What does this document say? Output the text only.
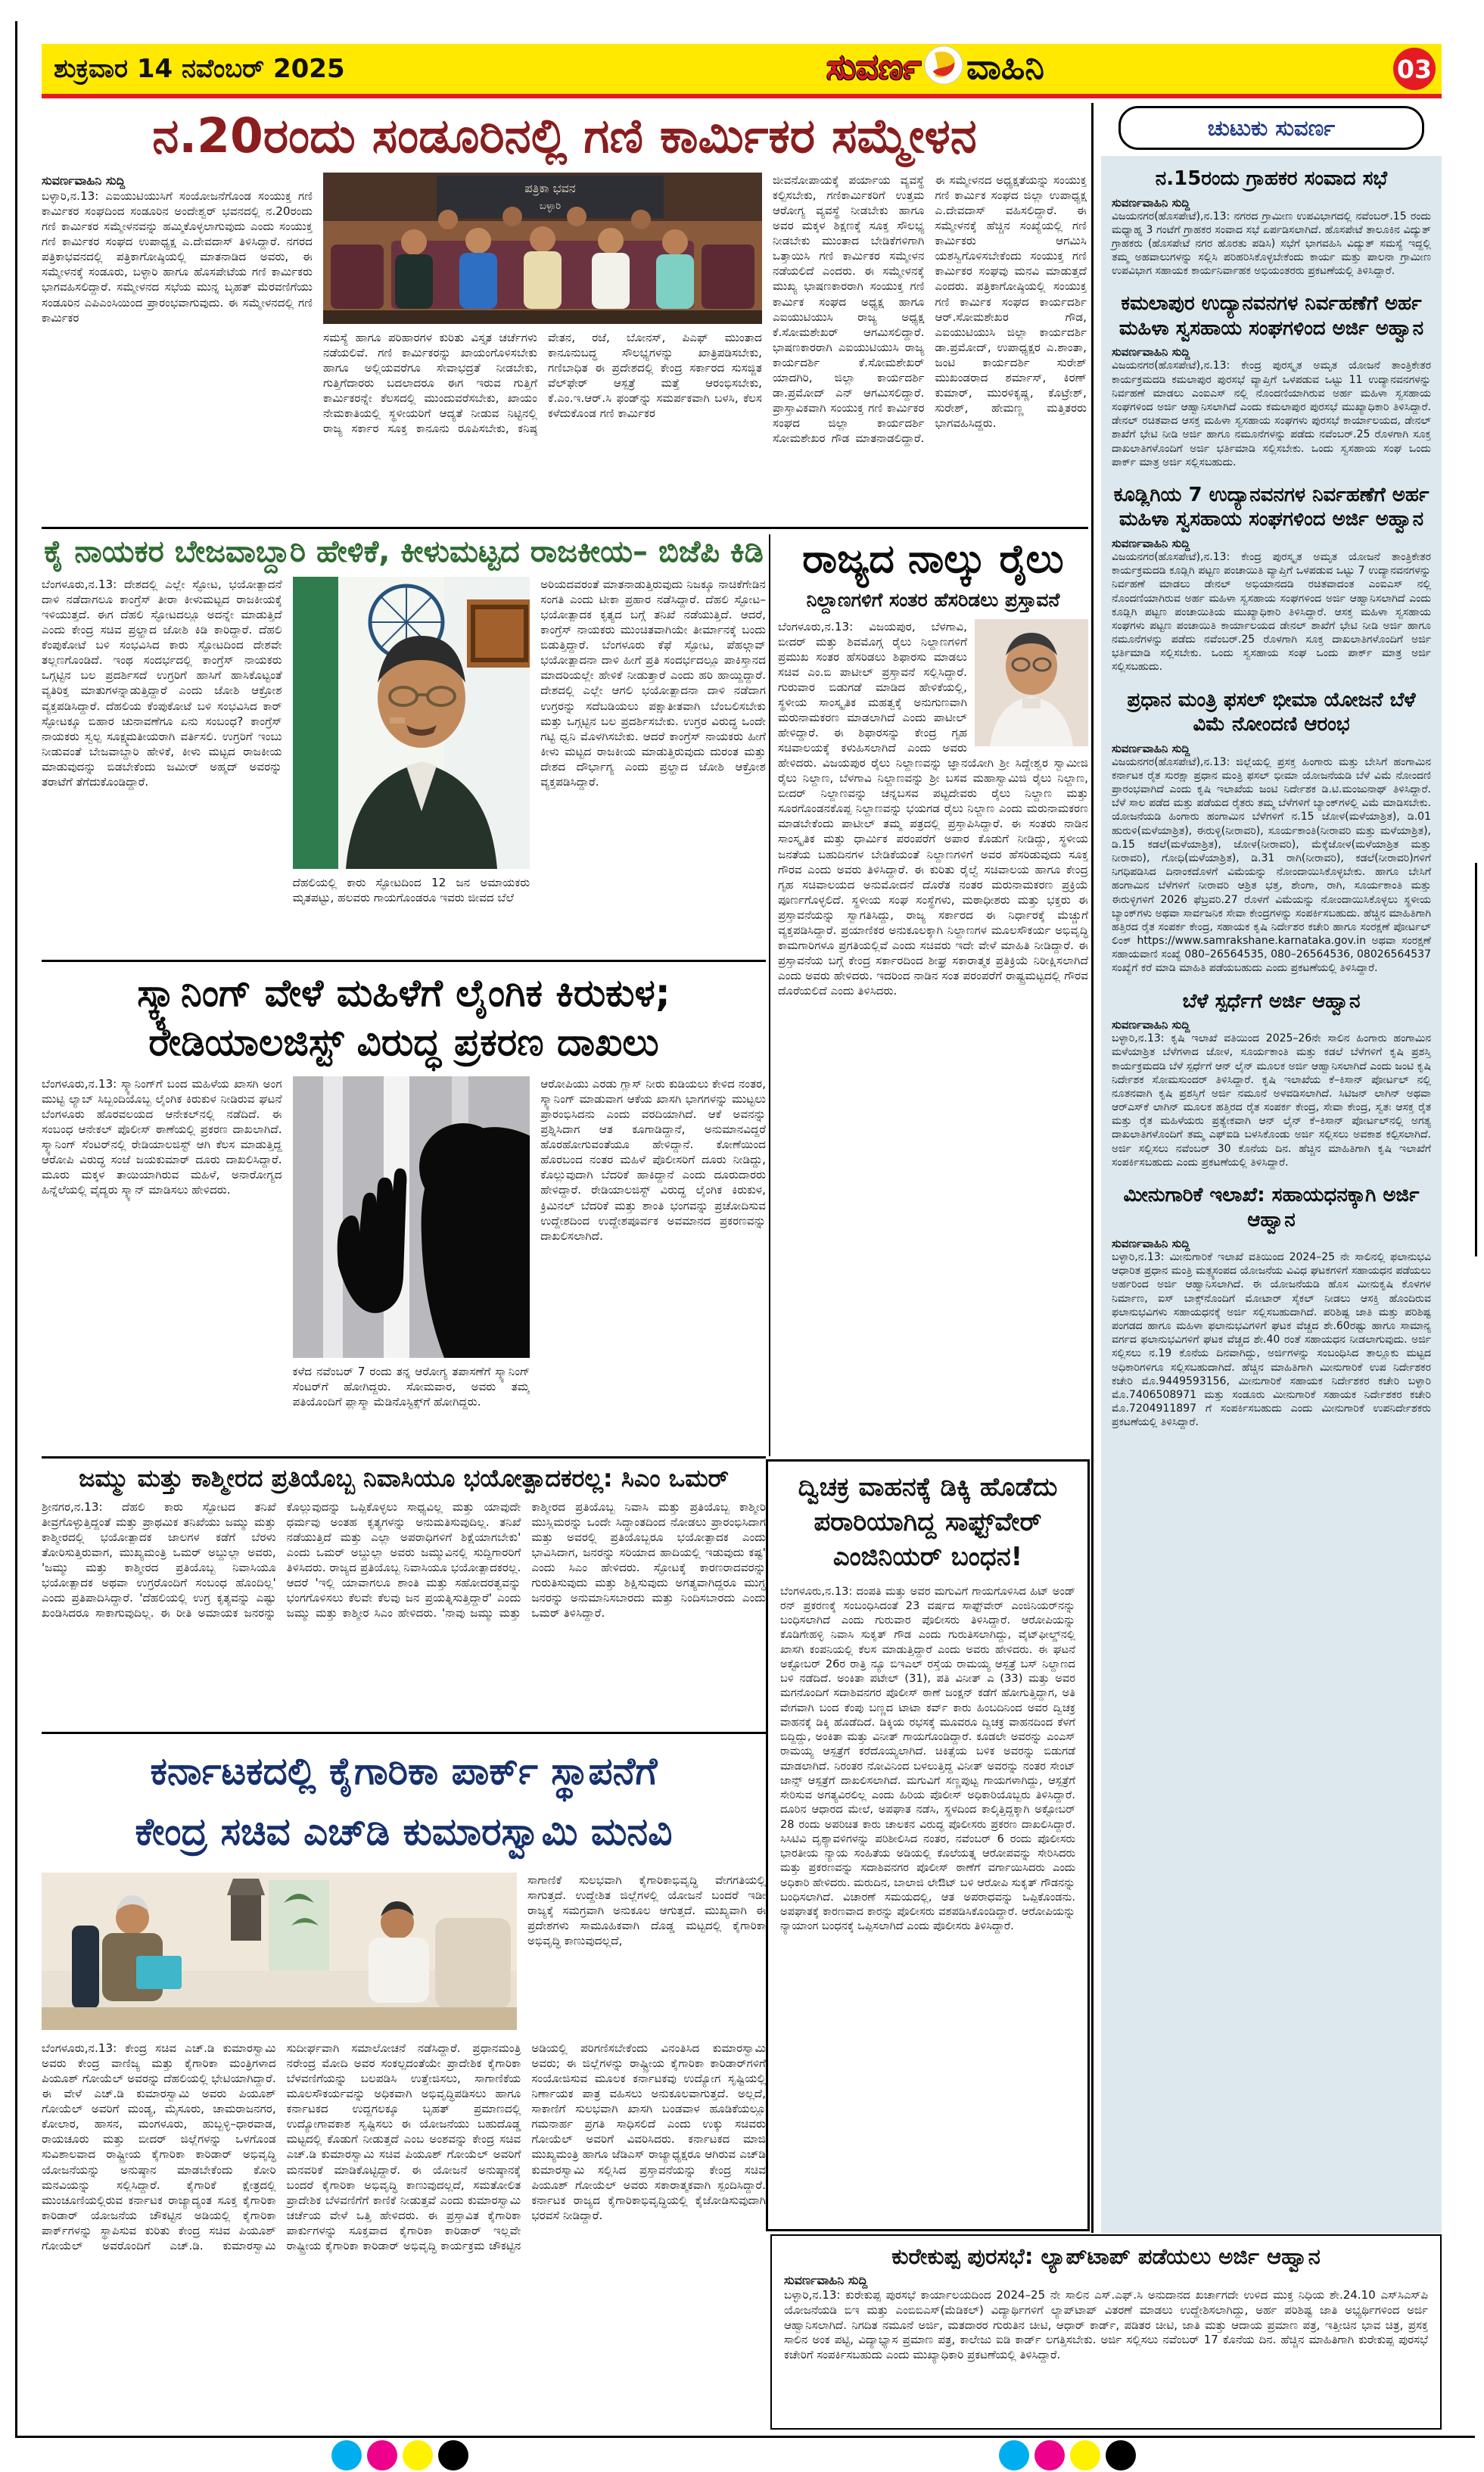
ಶುಕ್ರವಾರ 14 ನವೆಂಬರ್ 2025	ಸುವರ್ಣ ವಾಹಿನಿ	03
ನ.20ರಂದು ಸಂಡೂರಿನಲ್ಲಿ ಗಣಿ ಕಾರ್ಮಿಕರ ಸಮ್ಮೇಳನ	ಚುಟುಕು ಸುವರ್ಣ
ನ.15ರಂದು ಗ್ರಾಹಕರ ಸಂವಾದ ಸಭೆ
ಸುವರ್ಣವಾಹಿನಿ ಸುದ್ದಿ
ವಿಜಯನಗರ(ಹೊಸಪೇಟೆ),ನ.13: ನಗರದ ಗ್ರಾಮೀಣ ಉಪವಿಭಾಗದಲ್ಲಿ ನವೆಂಬರ್.15 ರಂದು ಮಧ್ಯಾಹ್ನ 3 ಗಂಟೆಗೆ ಗ್ರಾಹಕರ ಸಂವಾದ ಸಭೆ ಏರ್ಪಡಿಸಲಾಗಿದೆ. ಹೊಸಪೇಟೆ ತಾಲೂಕಿನ ವಿದ್ಯುತ್ ಗ್ರಾಹಕರು (ಹೊಸಪೇಟೆ ನಗರ ಹೊರತು ಪಡಿಸಿ) ಸಭೆಗೆ ಭಾಗವಹಿಸಿ ವಿದ್ಯುತ್ ಸಮಸ್ಯೆ ಇದ್ದಲ್ಲಿ ತಮ್ಮ ಅಹವಾಲುಗಳನ್ನು ಸಲ್ಲಿಸಿ ಪರಿಹರಿಸಿಕೊಳ್ಳಬೇಕೆಂದು ಕಾರ್ಯ ಮತ್ತು ಪಾಲನಾ ಗ್ರಾಮೀಣ ಉಪವಿಭಾಗ ಸಹಾಯಕ ಕಾರ್ಯನಿರ್ವಾಹಕ ಅಭಿಯಂತರರು ಪ್ರಕಟಣೆಯಲ್ಲಿ ತಿಳಿಸಿದ್ದಾರೆ.
ಕಮಲಾಪುರ ಉದ್ಯಾನವನಗಳ ನಿರ್ವಹಣೆಗೆ ಅರ್ಹ ಮಹಿಳಾ ಸ್ವಸಹಾಯ ಸಂಘಗಳಿಂದ ಅರ್ಜಿ ಅಹ್ವಾನ
ಸುವರ್ಣವಾಹಿನಿ ಸುದ್ದಿ
ವಿಜಯನಗರ(ಹೊಸಪೇಟೆ),ನ.13: ಕೇಂದ್ರ ಪುರಸ್ಕೃತ ಅಮೃತ ಯೋಜನೆ ತಾಂತ್ರಿಕೇತರ ಕಾರ್ಯಕ್ರಮದಡಿ ಕಮಲಾಪುರ ಪುರಸಭೆ ವ್ಯಾಪ್ತಿಗೆ ಒಳಪಡುವ ಒಟ್ಟು 11 ಉದ್ಯಾನವನಗಳನ್ನು ನಿರ್ವಹಣೆ ಮಾಡಲು ಎಂಐಎಸ್ ನಲ್ಲಿ ನೊಂದಣಿಯಾಗಿರುವ ಅರ್ಹ ಮಹಿಳಾ ಸ್ವಸಹಾಯ ಸಂಘಗಳಿಂದ ಅರ್ಜಿ ಆಹ್ವಾನಿಸಲಾಗಿದೆ ಎಂದು ಕಮಲಾಪುರ ಪುರಸಭೆ ಮುಖ್ಯಾಧಿಕಾರಿ ತಿಳಿಸಿದ್ದಾರೆ. ಡೇನಲ್ ರಚಿತವಾದ ಆಸಕ್ತ ಮಹಿಳಾ ಸ್ವಸಹಾಯ ಸಂಘಗಳು ಪುರಸಭೆ ಕಾರ್ಯಾಲಯದ, ಡೇನಲ್ ಶಾಖೆಗೆ ಭೇಟಿ ನೀಡಿ ಅರ್ಜಿ ಹಾಗೂ ನಮೂನೆಗಳನ್ನು ಪಡೆದು ನವೆಂಬರ್.25 ರೊಳಗಾಗಿ ಸೂಕ್ತ ದಾಖಲಾತಿಗಳೊಂದಿಗೆ ಅರ್ಜಿ ಭರ್ತಿಮಾಡಿ ಸಲ್ಲಿಸಬೇಕು. ಒಂದು ಸ್ವಸಹಾಯ ಸಂಘ ಒಂದು ಪಾರ್ಕ್ ಮಾತ್ರ ಅರ್ಜಿ ಸಲ್ಲಿಸಬಹುದು.
ಕೂಡ್ಲಿಗಿಯ 7 ಉದ್ಯಾನವನಗಳ ನಿರ್ವಹಣೆಗೆ ಅರ್ಹ ಮಹಿಳಾ ಸ್ವಸಹಾಯ ಸಂಘಗಳಿಂದ ಅರ್ಜಿ ಅಹ್ವಾನ
ಸುವರ್ಣವಾಹಿನಿ ಸುದ್ದಿ
ವಿಜಯನಗರ(ಹೊಸಪೇಟೆ),ನ.13: ಕೇಂದ್ರ ಪುರಸ್ಕೃತ ಅಮೃತ ಯೋಜನೆ ತಾಂತ್ರಿಕೇತರ ಕಾರ್ಯಕ್ರಮದಡಿ ಕೂಡ್ಲಿಗಿ ಪಟ್ಟಣ ಪಂಚಾಯಿತಿ ವ್ಯಾಪ್ತಿಗೆ ಒಳಪಡುವ ಒಟ್ಟು 7 ಉದ್ಯಾನವನಗಳನ್ನು ನಿರ್ವಹಣೆ ಮಾಡಲು ಡೇನಲ್ ಅಭಿಯಾನದಡಿ ರಚಿತವಾದಂತ ಎಂಐಎಸ್ ನಲ್ಲಿ ನೊಂದಣಿಯಾಗಿರುವ ಅರ್ಹ ಮಹಿಳಾ ಸ್ವಸಹಾಯ ಸಂಘಗಳಿಂದ ಅರ್ಜಿ ಆಹ್ವಾನಿಸಲಾಗಿದೆ ಎಂದು ಕೂಡ್ಲಿಗಿ ಪಟ್ಟಣ ಪಂಚಾಯಿತಿಯ ಮುಖ್ಯಾಧಿಕಾರಿ ತಿಳಿಸಿದ್ದಾರೆ. ಆಸಕ್ತ ಮಹಿಳಾ ಸ್ವಸಹಾಯ ಸಂಘಗಳು ಪಟ್ಟಣ ಪಂಚಾಯಿತಿ ಕಾರ್ಯಾಲಯದ ಡೇನಲ್ ಶಾಖೆಗೆ ಭೇಟಿ ನೀಡಿ ಅರ್ಜಿ ಹಾಗೂ ನಮೂನೆಗಳನ್ನು ಪಡೆದು ನವೆಂಬರ್.25 ರೊಳಗಾಗಿ ಸೂಕ್ತ ದಾಖಲಾತಿಗಳೊಂದಿಗೆ ಅರ್ಜಿ ಭರ್ತಿಮಾಡಿ ಸಲ್ಲಿಸಬೇಕು. ಒಂದು ಸ್ವಸಹಾಯ ಸಂಘ ಒಂದು ಪಾರ್ಕ್ ಮಾತ್ರ ಅರ್ಜಿ ಸಲ್ಲಿಸಬಹುದು.
ಪ್ರಧಾನ ಮಂತ್ರಿ ಫಸಲ್ ಭೀಮಾ ಯೋಜನೆ ಬೆಳೆ ವಿಮೆ ನೋಂದಣಿ ಆರಂಭ
ಸುವರ್ಣವಾಹಿನಿ ಸುದ್ದಿ
ವಿಜಯನಗರ(ಹೊಸಪೇಟೆ),ನ.13: ಜಿಲ್ಲೆಯಲ್ಲಿ ಪ್ರಸಕ್ತ ಹಿಂಗಾರು ಮತ್ತು ಬೇಸಿಗೆ ಹಂಗಾಮಿನ ಕರ್ನಾಟಕ ರೈತ ಸುರಕ್ಷಾ ಪ್ರಧಾನ ಮಂತ್ರಿ ಫಸಲ್ ಭೀಮಾ ಯೋಜನೆಯಡಿ ಬೆಳೆ ವಿಮೆ ನೋಂದಣಿ ಪ್ರಾರಂಭವಾಗಿದೆ ಎಂದು ಕೃಷಿ ಇಲಾಖೆಯ ಜಂಟಿ ನಿರ್ದೇಶಕ ಡಿ.ಟಿ.ಮಂಜುನಾಥ್ ತಿಳಿಸಿದ್ದಾರೆ. ಬೆಳೆ ಸಾಲ ಪಡೆದ ಮತ್ತು ಪಡೆಯದ ರೈತರು ತಮ್ಮ ಬೆಳೆಗಳಿಗೆ ಬ್ಯಾಂಕ್‌ಗಳಲ್ಲಿ ವಿಮೆ ಮಾಡಿಸಬೇಕು. ಯೋಜನೆಯಡಿ ಹಿಂಗಾರು ಹಂಗಾಮಿನ ಬೆಳೆಗಳಿಗೆ ನ.15 ಜೋಳ(ಮಳೆಯಾಶ್ರಿತ), ಡಿ.01 ಹುರುಳಿ(ಮಳೆಯಾಶ್ರಿತ), ಈರುಳ್ಳಿ(ನೀರಾವರಿ), ಸೂರ್ಯಕಾಂತಿ(ನೀರಾವರಿ ಮತ್ತು ಮಳೆಯಾಶ್ರಿತ), ಡಿ.15 ಕಡಲೆ(ಮಳೆಯಾಶ್ರಿತ), ಜೋಳ(ನೀರಾವರಿ), ಮೆಕ್ಕೆಜೋಳ(ಮಳೆಯಾಶ್ರಿತ ಮತ್ತು ನೀರಾವರಿ), ಗೋಧಿ(ಮಳೆಯಾಶ್ರಿತ), ಡಿ.31 ರಾಗಿ(ನೀರಾವರಿ), ಕಡಲೆ(ನೀರಾವರಿ)ಗಳಿಗೆ ನಿಗಧಿಪಡಿಸಿದ ದಿನಾಂಕದೊಳಗೆ ವಿಮೆಯನ್ನು ನೋಂದಾಯಿಸಿಕೊಳ್ಳಬೇಕು. ಹಾಗೂ ಬೇಸಿಗೆ ಹಂಗಾಮಿನ ಬೆಳೆಗಳಿಗೆ ನೀರಾವರಿ ಆಶ್ರಿತ ಭತ್ತ, ಶೇಂಗಾ, ರಾಗಿ, ಸೂರ್ಯಕಾಂತಿ ಮತ್ತು ಈರುಳ್ಳಿಗಳಿಗೆ 2026 ಫೆಬ್ರವರಿ.27 ರೊಳಗೆ ವಿಮೆಯನ್ನು ನೋಂದಾಯಿಸಿಕೊಳ್ಳಲು ಸ್ಥಳೀಯ ಬ್ಯಾಂಕ್‌ಗಳು ಅಥವಾ ಸಾರ್ವಜನಿಕ ಸೇವಾ ಕೇಂದ್ರಗಳನ್ನು ಸಂಪರ್ಕಿಸಬಹುದು. ಹೆಚ್ಚಿನ ಮಾಹಿತಿಗಾಗಿ ಹತ್ತಿರದ ರೈತ ಸಂಪರ್ಕ ಕೇಂದ್ರ, ಸಹಾಯಕ ಕೃಷಿ ನಿರ್ದೇಶರ ಕಚೇರಿ ಹಾಗೂ ಸಂರಕ್ಷಣೆ ಪೋರ್ಟಲ್ ಲಿಂಕ್ https://www.samrakshane.karnataka.gov.in ಅಥವಾ ಸಂರಕ್ಷಣೆ ಸಹಾಯವಾಣಿ ಸಂಖ್ಯೆ 080–26564535, 080–26564536, 08026564537 ಸಂಖ್ಯೆಗೆ ಕರೆ ಮಾಡಿ ಮಾಹಿತಿ ಪಡೆಯಬಹುದು ಎಂದು ಪ್ರಕಟಣೆಯಲ್ಲಿ ತಿಳಿಸಿದ್ದಾರೆ.
ಬೆಳೆ ಸ್ಪರ್ಧೆಗೆ ಅರ್ಜಿ ಆಹ್ವಾನ
ಸುವರ್ಣವಾಹಿನಿ ಸುದ್ದಿ
ಬಳ್ಳಾರಿ,ನ.13: ಕೃಷಿ ಇಲಾಖೆ ವತಿಯಿಂದ 2025–26ನೇ ಸಾಲಿನ ಹಿಂಗಾರು ಹಂಗಾಮಿನ ಮಳೆಯಾಶ್ರಿತ ಬೆಳೆಗಳಾದ ಜೋಳ, ಸೂರ್ಯಕಾಂತಿ ಮತ್ತು ಕಡಲೆ ಬೆಳೆಗಳಿಗೆ ಕೃಷಿ ಪ್ರಶಸ್ತಿ ಕಾರ್ಯಕ್ರಮದಡಿ ಬೆಳೆ ಸ್ಪರ್ಧೆಗೆ ಆನ್ ಲೈನ್ ಮೂಲಕ ಅರ್ಜಿ ಆಹ್ವಾನಿಸಲಾಗಿದೆ ಎಂದು ಜಂಟಿ ಕೃಷಿ ನಿರ್ದೇಶಕ ಸೋಮಸುಂದರ್ ತಿಳಿಸಿದ್ದಾರೆ. ಕೃಷಿ ಇಲಾಖೆಯ ಕೆ–ಕಿಸಾನ್ ಪೋರ್ಟಲ್ ನಲ್ಲಿ ನೂತನವಾಗಿ ಕೃಷಿ ಪ್ರಶಸ್ತಿಗೆ ಅರ್ಜಿ ನಮೂನೆ ಅಳವಡಿಸಲಾಗಿದೆ. ಸಿಟಿಜನ್ ಲಾಗಿನ್ ಅಥವಾ ಆರ್‌ಎಸ್‌ಕೆ ಲಾಗಿನ್ ಮೂಲಕ ಹತ್ತಿರದ ರೈತ ಸಂಪರ್ಕ ಕೇಂದ್ರ, ಸೇವಾ ಕೇಂದ್ರ, ಸ್ವತಃ ಆಸಕ್ತ ರೈತ ಮತ್ತು ರೈತ ಮಹಿಳೆಯರು ಪ್ರತ್ಯೇಕವಾಗಿ ಆನ್ ಲೈನ್ ಕೆ–ಕಿಸಾನ್ ಪೋರ್ಟಲ್‌ನಲ್ಲಿ ಅಗತ್ಯ ದಾಖಲಾತಿಗಳೊಂದಿಗೆ ತಮ್ಮ ಎಫ್‌ಐಡಿ ಬಳಸಿಕೊಂಡು ಅರ್ಜಿ ಸಲ್ಲಿಸಲು ಅವಕಾಶ ಕಲ್ಪಿಸಲಾಗಿದೆ. ಅರ್ಜಿ ಸಲ್ಲಿಸಲು ನವೆಂಬರ್ 30 ಕೊನೆಯ ದಿನ. ಹೆಚ್ಚಿನ ಮಾಹಿತಿಗಾಗಿ ಕೃಷಿ ಇಲಾಖೆಗೆ ಸಂಪರ್ಕಿಸಬಹುದು ಎಂದು ಪ್ರಕಟಣೆಯಲ್ಲಿ ತಿಳಿಸಿದ್ದಾರೆ.
ಮೀನುಗಾರಿಕೆ ಇಲಾಖೆ: ಸಹಾಯಧನಕ್ಕಾಗಿ ಅರ್ಜಿ ಆಹ್ವಾನ
ಸುವರ್ಣವಾಹಿನಿ ಸುದ್ದಿ
ಬಳ್ಳಾರಿ,ನ.13: ಮೀನುಗಾರಿಕೆ ಇಲಾಖೆ ವತಿಯಿಂದ 2024–25 ನೇ ಸಾಲಿನಲ್ಲಿ ಫಲಾನುಭವಿ ಆಧಾರಿತ ಪ್ರಧಾನ ಮಂತ್ರಿ ಮತ್ಸ್ಯಸಂಪದ ಯೋಜನೆಯ ವಿವಿಧ ಘಟಕಗಳಿಗೆ ಸಹಾಯಧನ ಪಡೆಯಲು ಅರ್ಹರಿಂದ ಅರ್ಜಿ ಆಹ್ವಾನಿಸಲಾಗಿದೆ. ಈ ಯೋಜನೆಯಡಿ ಹೊಸ ಮೀನುಕೃಷಿ ಕೊಳಗಳ ನಿರ್ಮಾಣ, ಐಸ್ ಬಾಕ್ಸ್‌ನೊಂದಿಗೆ ಮೋಟಾರ್ ಸೈಕಲ್ ನೀಡಲು ಆಸಕ್ತಿ ಹೊಂದಿರುವ ಫಲಾನುಭವಿಗಳು ಸಹಾಯಧನಕ್ಕೆ ಅರ್ಜಿ ಸಲ್ಲಿಸಬಹುದಾಗಿದೆ. ಪರಿಶಿಷ್ಟ ಜಾತಿ ಮತ್ತು ಪರಿಶಿಷ್ಟ ಪಂಗಡದ ಹಾಗೂ ಮಹಿಳಾ ಫಲಾನುಭವಿಗಳಿಗೆ ಘಟಕ ವೆಚ್ಚದ ಶೇ.60ರಷ್ಟು ಹಾಗೂ ಸಾಮಾನ್ಯ ವರ್ಗದ ಫಲಾನುಭವಿಗಳಿಗೆ ಘಟಕ ವೆಚ್ಚದ ಶೇ.40 ರಂತೆ ಸಹಾಯಧನ ನೀಡಲಾಗುವುದು. ಅರ್ಜಿ ಸಲ್ಲಿಸಲು ನ.19 ಕೊನೆಯ ದಿನವಾಗಿದ್ದು, ಅರ್ಜಿಗಳನ್ನು ಸಂಬಂಧಿಸಿದ ತಾಲ್ಲೂಕು ಮಟ್ಟದ ಅಧಿಕಾರಿಗಳಿಗೂ ಸಲ್ಲಿಸಬಹುದಾಗಿದೆ. ಹೆಚ್ಚಿನ ಮಾಹಿತಿಗಾಗಿ ಮೀನುಗಾರಿಕೆ ಉಪ ನಿರ್ದೇಶಕರ ಕಚೇರಿ ಮೊ.9449593156, ಮೀನುಗಾರಿಕೆ ಸಹಾಯಕ ನಿರ್ದೇಶಕರ ಕಚೇರಿ ಬಳ್ಳಾರಿ ಮೊ.7406508971 ಮತ್ತು ಸಂಡೂರು ಮೀನುಗಾರಿಕೆ ಸಹಾಯಕ ನಿರ್ದೇಶಕರ ಕಚೇರಿ ಮೊ.7204911897 ಗೆ ಸಂಪರ್ಕಿಸಬಹುದು ಎಂದು ಮೀನುಗಾರಿಕೆ ಉಪನಿರ್ದೇಶಕರು ಪ್ರಕಟಣೆಯಲ್ಲಿ ತಿಳಿಸಿದ್ದಾರೆ.
ಸುವರ್ಣವಾಹಿನಿ ಸುದ್ದಿ
ಬಳ್ಳಾರಿ,ನ.13: ಎಐಯುಟಿಯುಸಿಗೆ ಸಂಯೋಜನೆಗೊಂಡ ಸಂಯುಕ್ತ ಗಣಿ ಕಾರ್ಮಿಕರ ಸಂಘದಿಂದ ಸಂಡೂರಿನ ಅಂದೇಶ್ವರ್ ಭವನದಲ್ಲಿ ನ.20ರಂದು ಗಣಿ ಕಾರ್ಮಿಕರ ಸಮ್ಮೇಳನವನ್ನು ಹಮ್ಮಿಕೊಳ್ಳಲಾಗುವುದು ಎಂದು ಸಂಯುಕ್ತ ಗಣಿ ಕಾರ್ಮಿಕರ ಸಂಘದ ಉಪಾಧ್ಯಕ್ಷ ಎ.ದೇವದಾಸ್ ತಿಳಿಸಿದ್ದಾರೆ. ನಗರದ ಪತ್ರಿಕಾಭವನದಲ್ಲಿ ಪತ್ರಿಕಾಗೋಷ್ಠಿಯಲ್ಲಿ ಮಾತನಾಡಿದ ಅವರು, ಈ ಸಮ್ಮೇಳನಕ್ಕೆ ಸಂಡೂರು, ಬಳ್ಳಾರಿ ಹಾಗೂ ಹೊಸಪೇಟೆಯ ಗಣಿ ಕಾರ್ಮಿಕರು ಭಾಗವಹಿಸಲಿದ್ದಾರೆ. ಸಮ್ಮೇಳನದ ಸಭೆಯ ಮುನ್ನ ಬೃಹತ್ ಮೆರವಣಿಗೆಯು ಸಂಡೂರಿನ ಎಪಿಎಂಸಿಯಿಂದ ಪ್ರಾರಂಭವಾಗುವುದು. ಈ ಸಮ್ಮೇಳನದಲ್ಲಿ ಗಣಿ ಕಾರ್ಮಿಕರ
ಪತ್ರಿಕಾ ಭವನ
ಬಳ್ಳಾರಿ
ಸಮಸ್ಯೆ ಹಾಗೂ ಪರಿಹಾರಗಳ ಕುರಿತು ವಿಸ್ತೃತ ಚರ್ಚೆಗಳು ನಡೆಯಲಿವೆ. ಗಣಿ ಕಾರ್ಮಿಕರನ್ನು ಖಾಯಂಗೊಳಿಸಬೇಕು ಹಾಗೂ ಅಲ್ಲಿಯವರೆಗೂ ಸೇವಾಭದ್ರತೆ ನೀಡಬೇಕು, ಗುತ್ತಿಗೆದಾರರು ಬದಲಾದರೂ ಈಗ ಇರುವ ಗುತ್ತಿಗೆ ಕಾರ್ಮಿಕರನ್ನೇ ಕೆಲಸದಲ್ಲಿ ಮುಂದುವರೆಸಬೇಕು, ಖಾಯಂ ನೇಮಕಾತಿಯಲ್ಲಿ ಸ್ಥಳೀಯರಿಗೆ ಆದ್ಯತೆ ನೀಡುವ ನಿಟ್ಟಿನಲ್ಲಿ ರಾಜ್ಯ ಸರ್ಕಾರ ಸೂಕ್ತ ಕಾನೂನು ರೂಪಿಸಬೇಕು, ಕನಿಷ್ಠ ವೇತನ, ರಜೆ, ಬೋನಸ್, ಪಿಎಫ್ ಮುಂತಾದ ಕಾನೂನುಬದ್ಧ ಸೌಲಭ್ಯಗಳನ್ನು ಖಾತ್ರಿಪಡಿಸಬೇಕು, ಗಣಿಬಾಧಿತ ಈ ಪ್ರದೇಶದಲ್ಲಿ ಕೇಂದ್ರ ಸರ್ಕಾರದ ಸುಸಜ್ಜಿತ ವೆಲ್‌ಫೇರ್ ಆಸ್ಪತ್ರೆ ಮತ್ತೆ ಆರಂಭಿಸಬೇಕು, ಕೆ.ಎಂ.ಇ.ಆರ್.ಸಿ ಫಂಡ್‌ನ್ನು ಸಮರ್ಪಕವಾಗಿ ಬಳಸಿ, ಕೆಲಸ ಕಳೆದುಕೊಂಡ ಗಣಿ ಕಾರ್ಮಿಕರ
ಜೀವನೋಪಾಯಕ್ಕೆ ಪರ್ಯಾಯ ವ್ಯವಸ್ಥೆ ಕಲ್ಪಿಸಬೇಕು, ಗಣಿಕಾರ್ಮಿಕರಿಗೆ ಉತ್ತಮ ಆರೋಗ್ಯ ವ್ಯವಸ್ಥೆ ನೀಡಬೇಕು ಹಾಗೂ ಅವರ ಮಕ್ಕಳ ಶಿಕ್ಷಣಕ್ಕೆ ಸೂಕ್ತ ಸೌಲಭ್ಯ ನೀಡಬೇಕು ಮುಂತಾದ ಬೇಡಿಕೆಗಳಿಗಾಗಿ ಒತ್ತಾಯಿಸಿ ಗಣಿ ಕಾರ್ಮಿಕರ ಸಮ್ಮೇಳನ ನಡೆಯಲಿದೆ ಎಂದರು. ಈ ಸಮ್ಮೇಳನಕ್ಕೆ ಮುಖ್ಯ ಭಾಷಣಕಾರರಾಗಿ ಸಂಯುಕ್ತ ಗಣಿ ಕಾರ್ಮಿಕ ಸಂಘದ ಅಧ್ಯಕ್ಷ ಹಾಗೂ ಎಐಯುಟಿಯುಸಿ ರಾಜ್ಯ ಅಧ್ಯಕ್ಷ ಕೆ.ಸೋಮಶೇಖರ್ ಆಗಮಿಸಲಿದ್ದಾರೆ. ಭಾಷಣಕಾರರಾಗಿ ಎಐಯುಟಿಯುಸಿ ರಾಜ್ಯ ಕಾರ್ಯದರ್ಶಿ ಕೆ.ಸೋಮಶೇಖರ್ ಯಾದಗಿರಿ, ಜಿಲ್ಲಾ ಕಾರ್ಯದರ್ಶಿ ಡಾ.ಪ್ರಮೋದ್ ಎನ್ ಆಗಮಿಸಲಿದ್ದಾರೆ. ಪ್ರಾಸ್ತಾವಿಕವಾಗಿ ಸಂಯುಕ್ತ ಗಣಿ ಕಾರ್ಮಿಕರ ಸಂಘದ ಜಿಲ್ಲಾ ಕಾರ್ಯದರ್ಶಿ ಸೋಮಶೇಖರ ಗೌಡ ಮಾತನಾಡಲಿದ್ದಾರೆ. ಈ ಸಮ್ಮೇಳನದ ಅಧ್ಯಕ್ಷತೆಯನ್ನು ಸಂಯುಕ್ತ ಗಣಿ ಕಾರ್ಮಿಕ ಸಂಘದ ಜಿಲ್ಲಾ ಉಪಾಧ್ಯಕ್ಷ ಎ.ದೇವದಾಸ್ ವಹಿಸಲಿದ್ದಾರೆ. ಈ ಸಮ್ಮೇಳನಕ್ಕೆ ಹೆಚ್ಚಿನ ಸಂಖ್ಯೆಯಲ್ಲಿ ಗಣಿ ಕಾರ್ಮಿಕರು ಆಗಮಿಸಿ ಯಶಸ್ವಿಗೊಳಿಸಬೇಕೆಂದು ಸಂಯುಕ್ತ ಗಣಿ ಕಾರ್ಮಿಕರ ಸಂಘವು ಮನವಿ ಮಾಡುತ್ತದೆ ಎಂದರು. ಪತ್ರಿಕಾಗೋಷ್ಠಿಯಲ್ಲಿ ಸಂಯುಕ್ತ ಗಣಿ ಕಾರ್ಮಿಕ ಸಂಘದ ಕಾರ್ಯದರ್ಶಿ ಆರ್.ಸೋಮಶೇಖರ ಗೌಡ, ಎಐಯುಟಿಯುಸಿ ಜಿಲ್ಲಾ ಕಾರ್ಯದರ್ಶಿ ಡಾ.ಪ್ರಮೋದ್, ಉಪಾಧ್ಯಕ್ಷರ ಎ.ಶಾಂತಾ, ಜಂಟಿ ಕಾರ್ಯದರ್ಶಿ ಸುರೇಶ್ ಮುಖಂಡರಾದ ಶರ್ಮಾಸ್, ಕಿರಣ್ ಕುಮಾರ್, ಮುರಳಿಕೃಷ್ಣ, ಕೊಟ್ರೇಶ್, ಸುರೇಶ್, ಹೇಮಣ್ಣ ಮತ್ತಿತರರು ಭಾಗವಹಿಸಿದ್ದರು.
ಕೈ ನಾಯಕರ ಬೇಜವಾಬ್ದಾರಿ ಹೇಳಿಕೆ, ಕೀಳುಮಟ್ಟದ ರಾಜಕೀಯ– ಬಿಜೆಪಿ ಕಿಡಿ
ಬೆಂಗಳೂರು,ನ.13: ದೇಶದಲ್ಲಿ ಎಲ್ಲೇ ಸ್ಫೋಟ, ಭಯೋತ್ಪಾದನೆ ದಾಳಿ ನಡೆದಾಗಲೂ ಕಾಂಗ್ರೆಸ್ ತೀರಾ ಕೀಳುಮಟ್ಟದ ರಾಜಕೀಯಕ್ಕೆ ಇಳಿಯುತ್ತದೆ. ಈಗ ದೆಹಲಿ ಸ್ಫೋಟದಲ್ಲೂ ಅದನ್ನೇ ಮಾಡುತ್ತಿದೆ ಎಂದು ಕೇಂದ್ರ ಸಚಿವ ಪ್ರಲ್ಹಾದ ಜೋಶಿ ಕಿಡಿ ಕಾರಿದ್ದಾರೆ. ದೆಹಲಿ ಕೆಂಪುಕೋಟೆ ಬಳಿ ಸಂಭವಿಸಿದ ಕಾರು ಸ್ಫೋಟದಿಂದ ದೇಶವೇ ತಲ್ಲಣಗೊಂಡಿದೆ. ಇಂಥ ಸಂದರ್ಭದಲ್ಲಿ ಕಾಂಗ್ರೆಸ್ ನಾಯಕರು ಒಗ್ಗಟ್ಟಿನ ಬಲ ಪ್ರದರ್ಶಿಸದೆ ಉಗ್ರರಿಗೆ ಹಾಸಿಗೆ ಹಾಸಿಕೊಟ್ಟಂತೆ ವ್ಯತಿರಿಕ್ತ ಮಾತುಗಳನ್ನಾಡುತ್ತಿದ್ದಾರೆ ಎಂದು ಜೋಶಿ ಆಕ್ರೋಶ ವ್ಯಕ್ತಪಡಿಸಿದ್ದಾರೆ. ದೆಹಲಿಯ ಕೆಂಪುಕೋಟೆ ಬಳಿ ಸಂಭವಿಸಿದ ಕಾರ್ ಸ್ಫೋಟಕ್ಕೂ ಬಿಹಾರ ಚುನಾವಣೆಗೂ ಏನು ಸಂಬಂಧ? ಕಾಂಗ್ರೆಸ್ ನಾಯಕರು ಸ್ವಲ್ಪ ಸೂಕ್ಷ್ಮಮತೀಯರಾಗಿ ವರ್ತಿಸಲಿ. ಉಗ್ರರಿಗೆ ಇಂಬು ನೀಡುವಂತೆ ಬೇಜವಾಬ್ದಾರಿ ಹೇಳಿಕೆ, ಕೀಳು ಮಟ್ಟದ ರಾಜಕೀಯ ಮಾಡುವುದನ್ನು ಬಿಡಬೇಕೆಂದು ಜಮೀರ್ ಅಹ್ಮದ್ ಅವರನ್ನು ತರಾಟೆಗೆ ತೆಗೆದುಕೊಂಡಿದ್ದಾರೆ.
ದೆಹಲಿಯಲ್ಲಿ ಕಾರು ಸ್ಫೋಟದಿಂದ 12 ಜನ ಅಮಾಯಕರು ಮೃತಪಟ್ಟು, ಹಲವರು ಗಾಯಗೊಂಡರೂ ಇವರು ಜೀವದ ಬೆಲೆ
ಅರಿಯದವರಂತೆ ಮಾತನಾಡುತ್ತಿರುವುದು ನಿಜಕ್ಕೂ ನಾಚಿಕೆಗೇಡಿನ ಸಂಗತಿ ಎಂದು ಟೀಕಾ ಪ್ರಹಾರ ನಡೆಸಿದ್ದಾರೆ. ದೆಹಲಿ ಸ್ಫೋಟ–ಭಯೋತ್ಪಾದಕ ಕೃತ್ಯದ ಬಗ್ಗೆ ತನಿಖೆ ನಡೆಯುತ್ತಿದೆ. ಆದರೆ, ಕಾಂಗ್ರೆಸ್ ನಾಯಕರು ಮುಂಚಿತವಾಗಿಯೇ ತೀರ್ಮಾನಕ್ಕೆ ಬಂದು ಬಿಡುತ್ತಿದ್ದಾರೆ. ಬೆಂಗಳೂರು ಕೆಫೆ ಸ್ಫೋಟ, ಪೆಹಲ್ಗಾವ್ ಭಯೋತ್ಪಾದನಾ ದಾಳಿ ಹೀಗೆ ಪ್ರತಿ ಸಂದರ್ಭದಲ್ಲೂ ಪಾಕಿಸ್ತಾನದ ಮಾದರಿಯಲ್ಲೇ ಹೇಳಿಕೆ ನೀಡುತ್ತಾರೆ ಎಂದು ಹರಿ ಹಾಯ್ದಿದ್ದಾರೆ. ದೇಶದಲ್ಲಿ ಎಲ್ಲೇ ಆಗಲಿ ಭಯೋತ್ಪಾದನಾ ದಾಳಿ ನಡೆದಾಗ ಉಗ್ರರನ್ನು ಸದೆಬಡಿಯಲು ಪಕ್ಷಾತೀತವಾಗಿ ಬೆಂಬಲಿಸಬೇಕು ಮತ್ತು ಒಗ್ಗಟ್ಟಿನ ಬಲ ಪ್ರದರ್ಶಿಸಬೇಕು. ಉಗ್ರರ ವಿರುದ್ಧ ಒಂದೇ ಗಟ್ಟಿ ಧ್ವನಿ ಮೊಳಗಿಸಬೇಕು. ಆದರೆ ಕಾಂಗ್ರೆಸ್ ನಾಯಕರು ಹೀಗೆ ಕೀಳು ಮಟ್ಟದ ರಾಜಕೀಯ ಮಾಡುತ್ತಿರುವುದು ದುರಂತ ಮತ್ತು ದೇಶದ ದೌರ್ಭಾಗ್ಯ ಎಂದು ಪ್ರಲ್ಹಾದ ಜೋಶಿ ಆಕ್ರೋಶ ವ್ಯಕ್ತಪಡಿಸಿದ್ದಾರೆ.
ರಾಜ್ಯದ ನಾಲ್ಕು ರೈಲು
ನಿಲ್ದಾಣಗಳಿಗೆ ಸಂತರ ಹೆಸರಿಡಲು ಪ್ರಸ್ತಾವನೆ
ಬೆಂಗಳೂರು,ನ.13: ವಿಜಯಪುರ, ಬೆಳಗಾವಿ, ಬೀದರ್ ಮತ್ತು ಶಿವಮೊಗ್ಗ ರೈಲು ನಿಲ್ದಾಣಗಳಿಗೆ ಪ್ರಮುಖ ಸಂತರ ಹೆಸರಿಡಲು ಶಿಫಾರಸು ಮಾಡಲು ಸಚಿವ ಎಂ.ಬಿ ಪಾಟೀಲ್ ಪ್ರಸ್ತಾವನೆ ಸಲ್ಲಿಸಿದ್ದಾರೆ. ಗುರುವಾರ ಬಿಡುಗಡೆ ಮಾಡಿದ ಹೇಳಿಕೆಯಲ್ಲಿ, ಸ್ಥಳೀಯ ಸಾಂಸ್ಕೃತಿಕ ಮಹತ್ವಕ್ಕೆ ಅನುಗುಣವಾಗಿ ಮರುನಾಮಕರಣ ಮಾಡಲಾಗಿದೆ ಎಂದು ಪಾಟೀಲ್ ಹೇಳಿದ್ದಾರೆ. ಈ ಶಿಫಾರಸನ್ನು ಕೇಂದ್ರ ಗೃಹ ಸಚಿವಾಲಯಕ್ಕೆ ಕಳುಹಿಸಲಾಗಿದೆ ಎಂದು ಅವರು ಹೇಳಿದರು. ವಿಜಯಪುರ ರೈಲು ನಿಲ್ದಾಣವನ್ನು ಜ್ಞಾನಯೋಗಿ ಶ್ರೀ ಸಿದ್ದೇಶ್ವರ ಸ್ವಾಮೀಜಿ ರೈಲು ನಿಲ್ದಾಣ, ಬೆಳಗಾವಿ ನಿಲ್ದಾಣವನ್ನು ಶ್ರೀ ಬಸವ ಮಹಾಸ್ವಾಮಿಜಿ ರೈಲು ನಿಲ್ದಾಣ, ಬೀದರ್ ನಿಲ್ದಾಣವನ್ನು ಚನ್ನಬಸವ ಪಟ್ಟದೇವರು ರೈಲು ನಿಲ್ದಾಣ ಮತ್ತು ಸೂರಗೊಂಡನಕೊಪ್ಪ ನಿಲ್ದಾಣವನ್ನು ಭಯಗಡ ರೈಲು ನಿಲ್ದಾಣ ಎಂದು ಮರುನಾಮಕರಣ ಮಾಡಬೇಕೆಂದು ಪಾಟೀಲ್ ತಮ್ಮ ಪತ್ರದಲ್ಲಿ ಪ್ರಸ್ತಾಪಿಸಿದ್ದಾರೆ. ಈ ಸಂತರು ನಾಡಿನ ಸಾಂಸ್ಕೃತಿಕ ಮತ್ತು ಧಾರ್ಮಿಕ ಪರಂಪರೆಗೆ ಅಪಾರ ಕೊಡುಗೆ ನೀಡಿದ್ದು, ಸ್ಥಳೀಯ ಜನತೆಯ ಬಹುದಿನಗಳ ಬೇಡಿಕೆಯಂತೆ ನಿಲ್ದಾಣಗಳಿಗೆ ಅವರ ಹೆಸರಿಡುವುದು ಸೂಕ್ತ ಗೌರವ ಎಂದು ಅವರು ತಿಳಿಸಿದ್ದಾರೆ. ಈ ಕುರಿತು ರೈಲ್ವೆ ಸಚಿವಾಲಯ ಹಾಗೂ ಕೇಂದ್ರ ಗೃಹ ಸಚಿವಾಲಯದ ಅನುಮೋದನೆ ದೊರೆತ ನಂತರ ಮರುನಾಮಕರಣ ಪ್ರಕ್ರಿಯೆ ಪೂರ್ಣಗೊಳ್ಳಲಿದೆ. ಸ್ಥಳೀಯ ಸಂಘ ಸಂಸ್ಥೆಗಳು, ಮಠಾಧೀಶರು ಮತ್ತು ಭಕ್ತರು ಈ ಪ್ರಸ್ತಾವನೆಯನ್ನು ಸ್ವಾಗತಿಸಿದ್ದು, ರಾಜ್ಯ ಸರ್ಕಾರದ ಈ ನಿರ್ಧಾರಕ್ಕೆ ಮೆಚ್ಚುಗೆ ವ್ಯಕ್ತಪಡಿಸಿದ್ದಾರೆ. ಪ್ರಯಾಣಿಕರ ಅನುಕೂಲಕ್ಕಾಗಿ ನಿಲ್ದಾಣಗಳ ಮೂಲಸೌಕರ್ಯ ಅಭಿವೃದ್ಧಿ ಕಾಮಗಾರಿಗಳೂ ಪ್ರಗತಿಯಲ್ಲಿವೆ ಎಂದು ಸಚಿವರು ಇದೇ ವೇಳೆ ಮಾಹಿತಿ ನೀಡಿದ್ದಾರೆ. ಈ ಪ್ರಸ್ತಾವನೆಯ ಬಗ್ಗೆ ಕೇಂದ್ರ ಸರ್ಕಾರದಿಂದ ಶೀಘ್ರ ಸಕಾರಾತ್ಮಕ ಪ್ರತಿಕ್ರಿಯೆ ನಿರೀಕ್ಷಿಸಲಾಗಿದೆ ಎಂದು ಅವರು ಹೇಳಿದರು. ಇದರಿಂದ ನಾಡಿನ ಸಂತ ಪರಂಪರೆಗೆ ರಾಷ್ಟ್ರಮಟ್ಟದಲ್ಲಿ ಗೌರವ ದೊರೆಯಲಿದೆ ಎಂದು ತಿಳಿಸಿದರು.
ಸ್ಕ್ಯಾನಿಂಗ್ ವೇಳೆ ಮಹಿಳೆಗೆ ಲೈಂಗಿಕ ಕಿರುಕುಳ;
ರೇಡಿಯಾಲಜಿಸ್ಟ್ ವಿರುದ್ಧ ಪ್ರಕರಣ ದಾಖಲು
ಬೆಂಗಳೂರು,ನ.13: ಸ್ಕ್ಯಾನಿಂಗ್‌ಗೆ ಬಂದ ಮಹಿಳೆಯ ಖಾಸಗಿ ಅಂಗ ಮುಟ್ಟಿ ಲ್ಯಾಬ್ ಸಿಬ್ಬಂದಿಯೊಬ್ಬ ಲೈಂಗಿಕ ಕಿರುಕುಳ ನೀಡಿರುವ ಘಟನೆ ಬೆಂಗಳೂರು ಹೊರವಲಯದ ಆನೇಕಲ್‌ನಲ್ಲಿ ನಡೆದಿದೆ. ಈ ಸಂಬಂಧ ಆನೇಕಲ್ ಪೊಲೀಸ್ ಠಾಣೆಯಲ್ಲಿ ಪ್ರಕರಣ ದಾಖಲಾಗಿದೆ. ಸ್ಕ್ಯಾನಿಂಗ್ ಸೆಂಟರ್‌ನಲ್ಲಿ ರೇಡಿಯಾಲಜಿಸ್ಟ್ ಆಗಿ ಕೆಲಸ ಮಾಡುತ್ತಿದ್ದ ಆರೋಪಿ ವಿರುದ್ಧ ಸಂಜೆ ಜಯಕುಮಾರ್ ದೂರು ದಾಖಲಿಸಿದ್ದಾರೆ. ಮೂರು ಮಕ್ಕಳ ತಾಯಿಯಾಗಿರುವ ಮಹಿಳೆ, ಅನಾರೋಗ್ಯದ ಹಿನ್ನೆಲೆಯಲ್ಲಿ ವೈದ್ಯರು ಸ್ಕ್ಯಾನ್ ಮಾಡಿಸಲು ಹೇಳಿದರು.
ಕಳೆದ ನವೆಂಬರ್ 7 ರಂದು ತನ್ನ ಆರೋಗ್ಯ ತಪಾಸಣೆಗೆ ಸ್ಕ್ಯಾನಿಂಗ್ ಸೆಂಟರ್‌ಗೆ ಹೋಗಿದ್ದರು. ಸೋಮವಾರ, ಅವರು ತಮ್ಮ ಪತಿಯೊಂದಿಗೆ ಪ್ಲಾಸ್ಮಾ ಮೆಡಿನೊಸ್ಟಿಕ್ಸ್‌ಗೆ ಹೋಗಿದ್ದರು.
ಆರೋಪಿಯು ಎರಡು ಗ್ಲಾಸ್ ನೀರು ಕುಡಿಯಲು ಕೇಳಿದ ನಂತರ, ಸ್ಕ್ಯಾನಿಂಗ್ ಮಾಡುವಾಗ ಆಕೆಯ ಖಾಸಗಿ ಭಾಗಗಳನ್ನು ಮುಟ್ಟಲು ಪ್ರಾರಂಭಿಸಿದನು ಎಂದು ವರದಿಯಾಗಿದೆ. ಆಕೆ ಅವನನ್ನು ಪ್ರಶ್ನಿಸಿದಾಗ ಆತ ಕೂಗಾಡಿದ್ದಾನೆ, ಅನುಮಾನವಿದ್ದರೆ ಹೊರಹೋಗುವಂತೆಯೂ ಹೇಳಿದ್ದಾನೆ. ಕೋಣೆಯಿಂದ ಹೊರಬಂದ ನಂತರ ಮಹಿಳೆ ಪೊಲೀಸರಿಗೆ ದೂರು ನೀಡಿದ್ದು, ಕೊಲ್ಲುವುದಾಗಿ ಬೆದರಿಕೆ ಹಾಕಿದ್ದಾನೆ ಎಂದು ದೂರುದಾರರು ಹೇಳಿದ್ದಾರೆ. ರೇಡಿಯಾಲಜಿಸ್ಟ್ ವಿರುದ್ಧ ಲೈಂಗಿಕ ಕಿರುಕುಳ, ಕ್ರಿಮಿನಲ್ ಬೆದರಿಕೆ ಮತ್ತು ಶಾಂತಿ ಭಂಗವನ್ನು ಪ್ರಚೋದಿಸುವ ಉದ್ದೇಶದಿಂದ ಉದ್ದೇಶಪೂರ್ವಕ ಅವಮಾನದ ಪ್ರಕರಣವನ್ನು ದಾಖಲಿಸಲಾಗಿದೆ.
ಜಮ್ಮು ಮತ್ತು ಕಾಶ್ಮೀರದ ಪ್ರತಿಯೊಬ್ಬ ನಿವಾಸಿಯೂ ಭಯೋತ್ಪಾದಕರಲ್ಲ: ಸಿಎಂ ಒಮರ್
ಶ್ರೀನಗರ,ನ.13: ದೆಹಲಿ ಕಾರು ಸ್ಫೋಟದ ತನಿಖೆ ತೀವ್ರಗೊಳ್ಳುತ್ತಿದ್ದಂತೆ ಮತ್ತು ಪ್ರಾಥಮಿಕ ತನಿಖೆಯು ಜಮ್ಮು ಮತ್ತು ಕಾಶ್ಮೀರದಲ್ಲಿ ಭಯೋತ್ಪಾದಕ ಜಾಲಗಳ ಕಡೆಗೆ ಬೆರಳು ತೋರಿಸುತ್ತಿರುವಾಗ, ಮುಖ್ಯಮಂತ್ರಿ ಒಮರ್ ಅಬ್ದುಲ್ಲಾ ಅವರು, 'ಜಮ್ಮು ಮತ್ತು ಕಾಶ್ಮೀರದ ಪ್ರತಿಯೊಬ್ಬ ನಿವಾಸಿಯೂ ಭಯೋತ್ಪಾದಕ ಅಥವಾ ಉಗ್ರರೊಂದಿಗೆ ಸಂಬಂಧ ಹೊಂದಿಲ್ಲ' ಎಂದು ಪ್ರತಿಪಾದಿಸಿದ್ದಾರೆ. 'ದೆಹಲಿಯಲ್ಲಿ ಉಗ್ರ ಕೃತ್ಯವನ್ನು ಎಷ್ಟು ಖಂಡಿಸಿದರೂ ಸಾಕಾಗುವುದಿಲ್ಲ. ಈ ರೀತಿ ಅಮಾಯಕ ಜನರನ್ನು ಕೊಲ್ಲುವುದನ್ನು ಒಪ್ಪಿಕೊಳ್ಳಲು ಸಾಧ್ಯವಿಲ್ಲ ಮತ್ತು ಯಾವುದೇ ಧರ್ಮವು ಅಂತಹ ಕೃತ್ಯಗಳನ್ನು ಅನುಮತಿಸುವುದಿಲ್ಲ. ತನಿಖೆ ನಡೆಯುತ್ತಿದೆ ಮತ್ತು ಎಲ್ಲಾ ಅಪರಾಧಿಗಳಿಗೆ ಶಿಕ್ಷೆಯಾಗಬೇಕು' ಎಂದು ಒಮರ್ ಅಬ್ದುಲ್ಲಾ ಅವರು ಜಮ್ಮುವಿನಲ್ಲಿ ಸುದ್ದಿಗಾರರಿಗೆ ತಿಳಿಸಿದರು. ರಾಜ್ಯದ ಪ್ರತಿಯೊಬ್ಬ ನಿವಾಸಿಯೂ ಭಯೋತ್ಪಾದಕರಲ್ಲ. ಆದರೆ 'ಇಲ್ಲಿ ಯಾವಾಗಲೂ ಶಾಂತಿ ಮತ್ತು ಸಹೋದರತ್ವವನ್ನು ಭಂಗಗೊಳಿಸಲು ಕೆಲವೇ ಕೆಲವು ಜನ ಪ್ರಯತ್ನಿಸುತ್ತಿದ್ದಾರೆ' ಎಂದು ಜಮ್ಮು ಮತ್ತು ಕಾಶ್ಮೀರ ಸಿಎಂ ಹೇಳಿದರು. 'ನಾವು ಜಮ್ಮು ಮತ್ತು ಕಾಶ್ಮೀರದ ಪ್ರತಿಯೊಬ್ಬ ನಿವಾಸಿ ಮತ್ತು ಪ್ರತಿಯೊಬ್ಬ ಕಾಶ್ಮೀರಿ ಮುಸ್ಲಿಮರನ್ನು ಒಂದೇ ಸಿದ್ಧಾಂತದಿಂದ ನೋಡಲು ಪ್ರಾರಂಭಿಸಿದಾಗ ಮತ್ತು ಅವರಲ್ಲಿ ಪ್ರತಿಯೊಬ್ಬರೂ ಭಯೋತ್ಪಾದಕ ಎಂದು ಭಾವಿಸಿದಾಗ, ಜನರನ್ನು ಸರಿಯಾದ ಹಾದಿಯಲ್ಲಿ ಇಡುವುದು ಕಷ್ಟ' ಎಂದು ಸಿಎಂ ಹೇಳಿದರು. ಸ್ಫೋಟಕ್ಕೆ ಕಾರಣರಾದವರನ್ನು ಗುರುತಿಸುವುದು ಮತ್ತು ಶಿಕ್ಷಿಸುವುದು ಅಗತ್ಯವಾಗಿದ್ದರೂ ಮುಗ್ಧ ಜನರನ್ನು ಅನುಮಾನಿಸಬಾರದು ಮತ್ತು ನಿಂದಿಸಬಾರದು ಎಂದು ಒಮರ್ ತಿಳಿಸಿದ್ದಾರೆ.
ದ್ವಿಚಕ್ರ ವಾಹನಕ್ಕೆ ಡಿಕ್ಕಿ ಹೊಡೆದು ಪರಾರಿಯಾಗಿದ್ದ ಸಾಫ್ಟ್‌ವೇರ್ ಎಂಜಿನಿಯರ್ ಬಂಧನ!
ಬೆಂಗಳೂರು,ನ.13: ದಂಪತಿ ಮತ್ತು ಅವರ ಮಗುವಿಗೆ ಗಾಯಗೊಳಿಸಿದ ಹಿಟ್ ಅಂಡ್ ರನ್ ಪ್ರಕರಣಕ್ಕೆ ಸಂಬಂಧಿಸಿದಂತೆ 23 ವರ್ಷದ ಸಾಫ್ಟ್‌ವೇರ್ ಎಂಜಿನಿಯರ್‌ನನ್ನು ಬಂಧಿಸಲಾಗಿದೆ ಎಂದು ಗುರುವಾರ ಪೊಲೀಸರು ತಿಳಿಸಿದ್ದಾರೆ. ಆರೋಪಿಯನ್ನು ಕೊಡಿಗೇಹಳ್ಳಿ ನಿವಾಸಿ ಸುಕೃತ್ ಗೌಡ ಎಂದು ಗುರುತಿಸಲಾಗಿದ್ದು, ವೈಟ್‌ಫೀಲ್ಡ್‌ನಲ್ಲಿ ಖಾಸಗಿ ಕಂಪನಿಯಲ್ಲಿ ಕೆಲಸ ಮಾಡುತ್ತಿದ್ದಾರೆ ಎಂದು ಅವರು ಹೇಳಿದರು. ಈ ಘಟನೆ ಅಕ್ಟೋಬರ್ 26ರ ರಾತ್ರಿ ನ್ಯೂ ಬಿಇಎಲ್ ರಸ್ತೆಯ ರಾಮಯ್ಯ ಆಸ್ಪತ್ರೆ ಬಸ್ ನಿಲ್ದಾಣದ ಬಳಿ ನಡೆದಿದೆ. ಅಂಕಿತಾ ಪಟೇಲ್ (31), ಪತಿ ವಿನೀತ್ ಎ (33) ಮತ್ತು ಅವರ ಮಗನೊಂದಿಗೆ ಸದಾಶಿವನಗರ ಪೊಲೀಸ್ ಠಾಣೆ ಜಂಕ್ಷನ್ ಕಡೆಗೆ ಹೋಗುತ್ತಿದ್ದಾಗ, ಅತಿ ವೇಗವಾಗಿ ಬಂದ ಕೆಂಪು ಬಣ್ಣದ ಟಾಟಾ ಕರ್ವ್ ಕಾರು ಹಿಂಬದಿನಿಂದ ಅವರ ದ್ವಿಚಕ್ರ ವಾಹನಕ್ಕೆ ಡಿಕ್ಕಿ ಹೊಡೆದಿದೆ. ಡಿಕ್ಕಿಯ ರಭಸಕ್ಕೆ ಮೂವರೂ ದ್ವಿಚಕ್ರ ವಾಹನದಿಂದ ಕೆಳಗೆ ಬಿದ್ದಿದ್ದು, ಅಂಕಿತಾ ಮತ್ತು ವಿನೀತ್ ಗಾಯಗೊಂಡಿದ್ದಾರೆ. ಕೂಡಲೇ ಅವರನ್ನು ಎಂಎಸ್ ರಾಮಯ್ಯ ಆಸ್ಪತ್ರೆಗೆ ಕರೆದೊಯ್ಯಲಾಗಿದೆ. ಚಿಕಿತ್ಸೆಯ ಬಳಿಕ ಅವರನ್ನು ಬಿಡುಗಡೆ ಮಾಡಲಾಗಿದೆ. ನಿರಂತರ ನೋವಿನಿಂದ ಬಳಲುತ್ತಿದ್ದ ವಿನೀತ್ ಅವರನ್ನು ನಂತರ ಸೇಂಟ್ ಜಾನ್ಸ್ ಆಸ್ಪತ್ರೆಗೆ ದಾಖಲಿಸಲಾಗಿದೆ. ಮಗುವಿಗೆ ಸಣ್ಣಪುಟ್ಟ ಗಾಯಗಳಾಗಿದ್ದು, ಆಸ್ಪತ್ರೆಗೆ ಸೇರಿಸುವ ಅಗತ್ಯವಿರಲಿಲ್ಲ ಎಂದು ಹಿರಿಯ ಪೊಲೀಸ್ ಅಧಿಕಾರಿಯೊಬ್ಬರು ತಿಳಿಸಿದ್ದಾರೆ. ದೂರಿನ ಆಧಾರದ ಮೇಲೆ, ಅಪಘಾತ ನಡೆಸಿ, ಸ್ಥಳದಿಂದ ಕಾಲ್ಕಿತ್ತಿದ್ದಕ್ಕಾಗಿ ಅಕ್ಟೋಬರ್ 28 ರಂದು ಅಪರಿಚಿತ ಕಾರು ಚಾಲಕನ ವಿರುದ್ಧ ಪೊಲೀಸರು ಪ್ರಕರಣ ದಾಖಲಿಸಿದ್ದಾರೆ. ಸಿಸಿಟಿವಿ ದೃಶ್ಯಾವಳಿಗಳನ್ನು ಪರಿಶೀಲಿಸಿದ ನಂತರ, ನವೆಂಬರ್ 6 ರಂದು ಪೊಲೀಸರು ಭಾರತೀಯ ನ್ಯಾಯ ಸಂಹಿತೆಯ ಅಡಿಯಲ್ಲಿ ಕೊಲೆಯತ್ನ ಆರೋಪವನ್ನು ಸೇರಿಸಿದರು ಮತ್ತು ಪ್ರಕರಣವನ್ನು ಸದಾಶಿವನಗರ ಪೊಲೀಸ್ ಠಾಣೆಗೆ ವರ್ಗಾಯಿಸಿದರು ಎಂದು ಅಧಿಕಾರಿ ಹೇಳಿದರು. ಮರುದಿನ, ಬಾಲಾಜಿ ಲೇಔಟ್ ಬಳಿ ಆರೋಪಿ ಸುಕೃತ್ ಗೌಡನನ್ನು ಬಂಧಿಸಲಾಗಿದೆ. ವಿಚಾರಣೆ ಸಮಯದಲ್ಲಿ, ಆತ ಅಪರಾಧವನ್ನು ಒಪ್ಪಿಕೊಂಡನು. ಅಪಘಾತಕ್ಕೆ ಕಾರಣವಾದ ಕಾರನ್ನು ಪೊಲೀಸರು ವಶಪಡಿಸಿಕೊಂಡಿದ್ದಾರೆ. ಆರೋಪಿಯನ್ನು ನ್ಯಾಯಾಂಗ ಬಂಧನಕ್ಕೆ ಒಪ್ಪಿಸಲಾಗಿದೆ ಎಂದು ಪೊಲೀಸರು ತಿಳಿಸಿದ್ದಾರೆ.
ಕರ್ನಾಟಕದಲ್ಲಿ ಕೈಗಾರಿಕಾ ಪಾರ್ಕ್ ಸ್ಥಾಪನೆಗೆ
ಕೇಂದ್ರ ಸಚಿವ ಎಚ್‌ಡಿ ಕುಮಾರಸ್ವಾಮಿ ಮನವಿ
ಸಾಗಾಣಿಕೆ ಸುಲಭವಾಗಿ ಕೈಗಾರಿಕಾಭಿವೃದ್ಧಿ ವೇಗಗತಿಯಲ್ಲಿ ಸಾಗುತ್ತದೆ. ಉದ್ದೇಶಿತ ಜಿಲ್ಲೆಗಳಲ್ಲಿ ಯೋಜನೆ ಬಂದರೆ ಇಡೀ ರಾಜ್ಯಕ್ಕೆ ಸಮಗ್ರವಾಗಿ ಅನುಕೂಲ ಆಗುತ್ತದೆ. ಮುಖ್ಯವಾಗಿ ಈ ಪ್ರದೇಶಗಳು ಸಾಮೂಹಿಕವಾಗಿ ದೊಡ್ಡ ಮಟ್ಟದಲ್ಲಿ ಕೈಗಾರಿಕಾ ಅಭಿವೃದ್ಧಿ ಕಾಣುವುದಲ್ಲದೆ,
ಬೆಂಗಳೂರು,ನ.13: ಕೇಂದ್ರ ಸಚಿವ ಎಚ್.ಡಿ ಕುಮಾರಸ್ವಾಮಿ ಅವರು ಕೇಂದ್ರ ವಾಣಿಜ್ಯ ಮತ್ತು ಕೈಗಾರಿಕಾ ಮಂತ್ರಿಗಳಾದ ಪಿಯೂಶ್ ಗೋಯೆಲ್ ಅವರನ್ನು ದೆಹಲಿಯಲ್ಲಿ ಭೇಟಿಯಾಗಿದ್ದಾರೆ. ಈ ವೇಳೆ ಎಚ್.ಡಿ ಕುಮಾರಸ್ವಾಮಿ ಅವರು ಪಿಯೂಶ್ ಗೋಯೆಲ್ ಅವರಿಗೆ ಮಂಡ್ಯ, ಮೈಸೂರು, ಚಾಮರಾಜನಗರ, ಕೋಲಾರ, ಹಾಸನ, ಮಂಗಳೂರು, ಹುಬ್ಬಳ್ಳಿ–ಧಾರವಾಡ, ರಾಯಚೂರು ಮತ್ತು ಬೀದರ್ ಜಿಲ್ಲೆಗಳನ್ನು ಒಳಗೊಂಡ ಸುವಿಶಾಲವಾದ ರಾಷ್ಟ್ರೀಯ ಕೈಗಾರಿಕಾ ಕಾರಿಡಾರ್ ಅಭಿವೃದ್ಧಿ ಯೋಜನೆಯನ್ನು ಅನುಷ್ಠಾನ ಮಾಡಬೇಕೆಂದು ಕೋರಿ ಮನವಿಯನ್ನು ಸಲ್ಲಿಸಿದ್ದಾರೆ. ಕೈಗಾರಿಕೆ ಕ್ಷೇತ್ರದಲ್ಲಿ ಮುಂಚೂಣಿಯಲ್ಲಿರುವ ಕರ್ನಾಟಕ ರಾಜ್ಯಾದ್ಯಂತ ಸೂಕ್ತ ಕೈಗಾರಿಕಾ ಕಾರಿಡಾರ್ ಯೋಜನೆಯ ಚೌಕಟ್ಟಿನ ಅಡಿಯಲ್ಲಿ ಕೈಗಾರಿಕಾ ಪಾರ್ಕ್‌ಗಳನ್ನು ಸ್ಥಾಪಿಸುವ ಕುರಿತು ಕೇಂದ್ರ ಸಚಿವ ಪಿಯೂಶ್ ಗೋಯೆಲ್ ಅವರೊಂದಿಗೆ ಎಚ್.ಡಿ. ಕುಮಾರಸ್ವಾಮಿ ಸುದೀರ್ಘವಾಗಿ ಸಮಾಲೋಚನೆ ನಡೆಸಿದ್ದಾರೆ. ಪ್ರಧಾನಮಂತ್ರಿ ನರೇಂದ್ರ ಮೋದಿ ಅವರ ಸಂಕಲ್ಪದಂತೆಯೇ ಪ್ರಾದೇಶಿಕ ಕೈಗಾರಿಕಾ ಬೆಳವಣಿಗೆಯನ್ನು ಬಲಪಡಿಸಿ ಉತ್ತೇಜಿಸಲು, ಸಾಗಾಣಿಕೆಯ ಮೂಲಸೌಕರ್ಯವನ್ನು ಅಧಿಕವಾಗಿ ಅಭಿವೃದ್ಧಿಪಡಿಸಲು ಹಾಗೂ ಕರ್ನಾಟಕದ ಉದ್ದಗಲಕ್ಕೂ ಬೃಹತ್ ಪ್ರಮಾಣದಲ್ಲಿ ಉದ್ಯೋಗಾವಕಾಶ ಸೃಷ್ಟಿಸಲು ಈ ಯೋಜನೆಯು ಬಹುದೊಡ್ಡ ಮಟ್ಟದಲ್ಲಿ ಕೊಡುಗೆ ನೀಡುತ್ತದೆ ಎಂಬ ಅಂಶವನ್ನು ಕೇಂದ್ರ ಸಚಿವ ಎಚ್.ಡಿ ಕುಮಾರಸ್ವಾಮಿ ಸಚಿವ ಪಿಯೂಶ್ ಗೋಯೆಲ್ ಅವರಿಗೆ ಮನವರಿಕೆ ಮಾಡಿಕೊಟ್ಟಿದ್ದಾರೆ. ಈ ಯೋಜನೆ ಅನುಷ್ಠಾನಕ್ಕೆ ಬಂದರೆ ಕೈಗಾರಿಕಾ ಅಭಿವೃದ್ಧಿ ಕಾಣುವುದಲ್ಲದೆ, ಸಮತೋಲಿತ ಪ್ರಾದೇಶಿಕ ಬೆಳವಣಿಗೆಗೆ ಕಾಣಿಕೆ ನೀಡುತ್ತವೆ ಎಂದು ಕುಮಾರಸ್ವಾಮಿ ಚರ್ಚೆಯ ವೇಳೆ ಒತ್ತಿ ಹೇಳಿದರು. ಈ ಪ್ರಸ್ತಾವಿತ ಕೈಗಾರಿಕಾ ಪಾರ್ಕುಗಳನ್ನು ಸೂಕ್ತವಾದ ಕೈಗಾರಿಕಾ ಕಾರಿಡಾರ್ ಇಲ್ಲವೇ ರಾಷ್ಟ್ರೀಯ ಕೈಗಾರಿಕಾ ಕಾರಿಡಾರ್ ಅಭಿವೃದ್ಧಿ ಕಾರ್ಯಕ್ರಮ ಚೌಕಟ್ಟಿನ ಅಡಿಯಲ್ಲಿ ಪರಿಗಣಿಸಬೇಕೆಂದು ವಿನಂತಿಸಿದ ಕುಮಾರಸ್ವಾಮಿ ಅವರು; ಈ ಜಿಲ್ಲೆಗಳನ್ನು ರಾಷ್ಟ್ರೀಯ ಕೈಗಾರಿಕಾ ಕಾರಿಡಾರ್‌ಗಳಿಗೆ ಸಂಯೋಜಿಸುವ ಮೂಲಕ ಕರ್ನಾಟಕವು ಉದ್ಯೋಗ ಸೃಷ್ಟಿಯಲ್ಲಿ ನಿರ್ಣಾಯಕ ಪಾತ್ರ ವಹಿಸಲು ಅನುಕೂಲವಾಗುತ್ತದೆ. ಅಲ್ಲದೆ, ಸಾಕಾಣಿಗೆ ಸುಲಭವಾಗಿ ಖಾಸಗಿ ಬಂಡವಾಳ ಹೂಡಿಕೆಯಲ್ಲೂ ಗಮನಾರ್ಹ ಪ್ರಗತಿ ಸಾಧಿಸಲಿದೆ ಎಂದು ಉಕ್ಕು ಸಚಿವರು ಗೋಯೆಲ್ ಅವರಿಗೆ ವಿವರಿಸಿದರು. ಕರ್ನಾಟಕದ ಮಾಜಿ ಮುಖ್ಯಮಂತ್ರಿ ಹಾಗೂ ಜೆಡಿಎಸ್ ರಾಜ್ಯಾಧ್ಯಕ್ಷರೂ ಆಗಿರುವ ಎಚ್‌ಡಿ ಕುಮಾರಸ್ವಾಮಿ ಸಲ್ಲಿಸಿದ ಪ್ರಸ್ತಾವನೆಯನ್ನು ಕೇಂದ್ರ ಸಚಿವ ಪಿಯೂಶ್ ಗೋಯೆಲ್ ಅವರು ಸಕಾರಾತ್ಮಕವಾಗಿ ಸ್ಪಂದಿಸಿದ್ದಾರೆ. ಕರ್ನಾಟಕ ರಾಜ್ಯದ ಕೈಗಾರಿಕಾಭಿವೃದ್ಧಿಯಲ್ಲಿ ಕೈಜೋಡಿಸುವುದಾಗಿ ಭರವಸೆ ನೀಡಿದ್ದಾರೆ.
ಕುರೇಕುಪ್ಪ ಪುರಸಭೆ: ಲ್ಯಾಪ್‌ಟಾಪ್ ಪಡೆಯಲು ಅರ್ಜಿ ಆಹ್ವಾನ
ಸುವರ್ಣವಾಹಿನಿ ಸುದ್ದಿ
ಬಳ್ಳಾರಿ,ನ.13: ಕುರೇಕುಪ್ಪ ಪುರಸಭೆ ಕಾರ್ಯಾಲಯದಿಂದ 2024–25 ನೇ ಸಾಲಿನ ಎಸ್.ಎಫ್.ಸಿ ಅನುದಾನದ ಖರ್ಚಾಗದೇ ಉಳಿದ ಮುಕ್ತ ನಿಧಿಯ ಶೇ.24.10 ಎಸ್‌ಸಿಎಸ್‌ಪಿ ಯೋಜನೆಯಡಿ ಬಿಇ ಮತ್ತು ಎಂಬಿಬಿಎಸ್(ಮೆಡಿಕಲ್) ವಿದ್ಯಾರ್ಥಿಗಳಿಗೆ ಲ್ಯಾಪ್‌ಟಾಪ್ ವಿತರಣೆ ಮಾಡಲು ಉದ್ದೇಶಿಸಲಾಗಿದ್ದು, ಅರ್ಹ ಪರಿಶಿಷ್ಟ ಜಾತಿ ಅಭ್ಯರ್ಥಿಗಳಿಂದ ಅರ್ಜಿ ಆಹ್ವಾನಿಸಲಾಗಿದೆ. ನಿಗದಿತ ನಮೂನೆ ಅರ್ಜಿ, ಮತದಾರರ ಗುರುತಿನ ಚೀಟಿ, ಆಧಾರ್ ಕಾರ್ಡ್, ಪಡಿತರ ಚೀಟಿ, ಜಾತಿ ಮತ್ತು ಆದಾಯ ಪ್ರಮಾಣ ಪತ್ರ, ಇತ್ತೀಚಿನ ಭಾವ ಚಿತ್ರ, ಪ್ರಸಕ್ತ ಸಾಲಿನ ಅಂಕ ಪಟ್ಟಿ, ವಿದ್ಯಾಭ್ಯಾಸ ಪ್ರಮಾಣ ಪತ್ರ, ಕಾಲೇಜು ಐಡಿ ಕಾರ್ಡ್ ಲಗತ್ತಿಸಬೇಕು. ಅರ್ಜಿ ಸಲ್ಲಿಸಲು ನವೆಂಬರ್ 17 ಕೊನೆಯ ದಿನ. ಹೆಚ್ಚಿನ ಮಾಹಿತಿಗಾಗಿ ಕುರೇಕುಪ್ಪ ಪುರಸಭೆ ಕಚೇರಿಗೆ ಸಂಪರ್ಕಿಸಬಹುದು ಎಂದು ಮುಖ್ಯಾಧಿಕಾರಿ ಪ್ರಕಟಣೆಯಲ್ಲಿ ತಿಳಿಸಿದ್ದಾರೆ.
